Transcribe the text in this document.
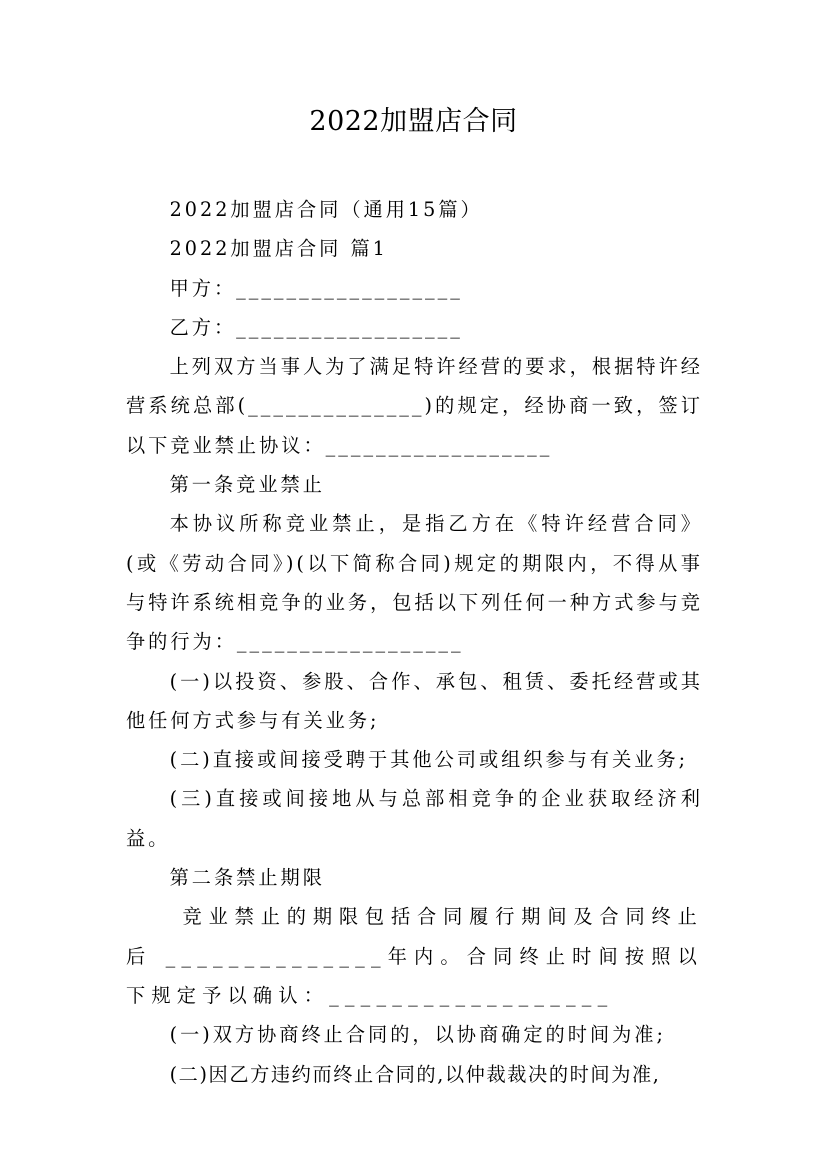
2022加盟店合同

2022加盟店合同（通用15篇）

2022加盟店合同 篇1

甲方：__________________

乙方：__________________

上列双方当事人为了满足特许经营的要求，根据特许经营系统总部(______________)的规定，经协商一致，签订以下竞业禁止协议：__________________

第一条竞业禁止

本协议所称竞业禁止，是指乙方在《特许经营合同》(或《劳动合同》)(以下简称合同)规定的期限内，不得从事与特许系统相竞争的业务，包括以下列任何一种方式参与竞争的行为：__________________

(一)以投资、参股、合作、承包、租赁、委托经营或其他任何方式参与有关业务;

(二)直接或间接受聘于其他公司或组织参与有关业务;

(三)直接或间接地从与总部相竞争的企业获取经济利益。

第二条禁止期限

竞业禁止的期限包括合同履行期间及合同终止后 ______________年内。合同终止时间按照以下规定予以确认：__________________

(一)双方协商终止合同的，以协商确定的时间为准;

(二)因乙方违约而终止合同的,以仲裁裁决的时间为准,
